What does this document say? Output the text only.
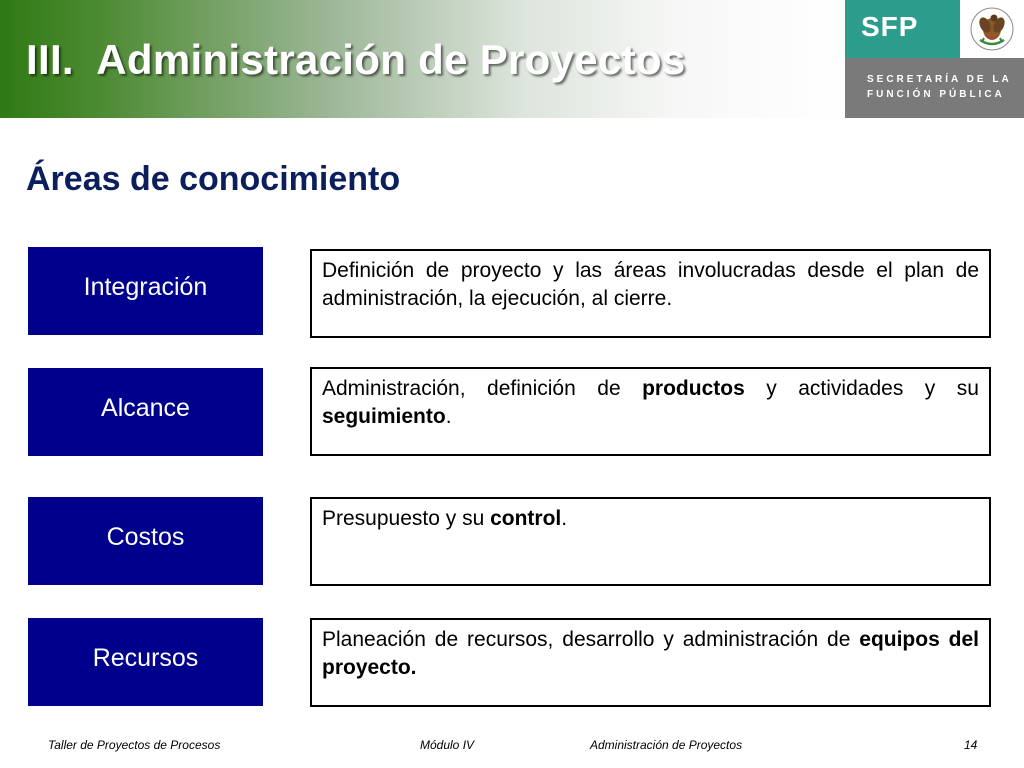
III.  Administración de Proyectos
SFP
SECRETARÍA DE LA
FUNCIÓN PÚBLICA
Áreas de conocimiento
Integración
Definición de proyecto y las áreas involucradas desde el plan de administración, la ejecución, al cierre.
Alcance
Administración, definición de productos y actividades y su seguimiento.
Costos
Presupuesto y su control.
Recursos
Planeación de recursos, desarrollo y administración de equipos del proyecto.
Taller de Proyectos de Procesos	Módulo IV	Administración de Proyectos	14
